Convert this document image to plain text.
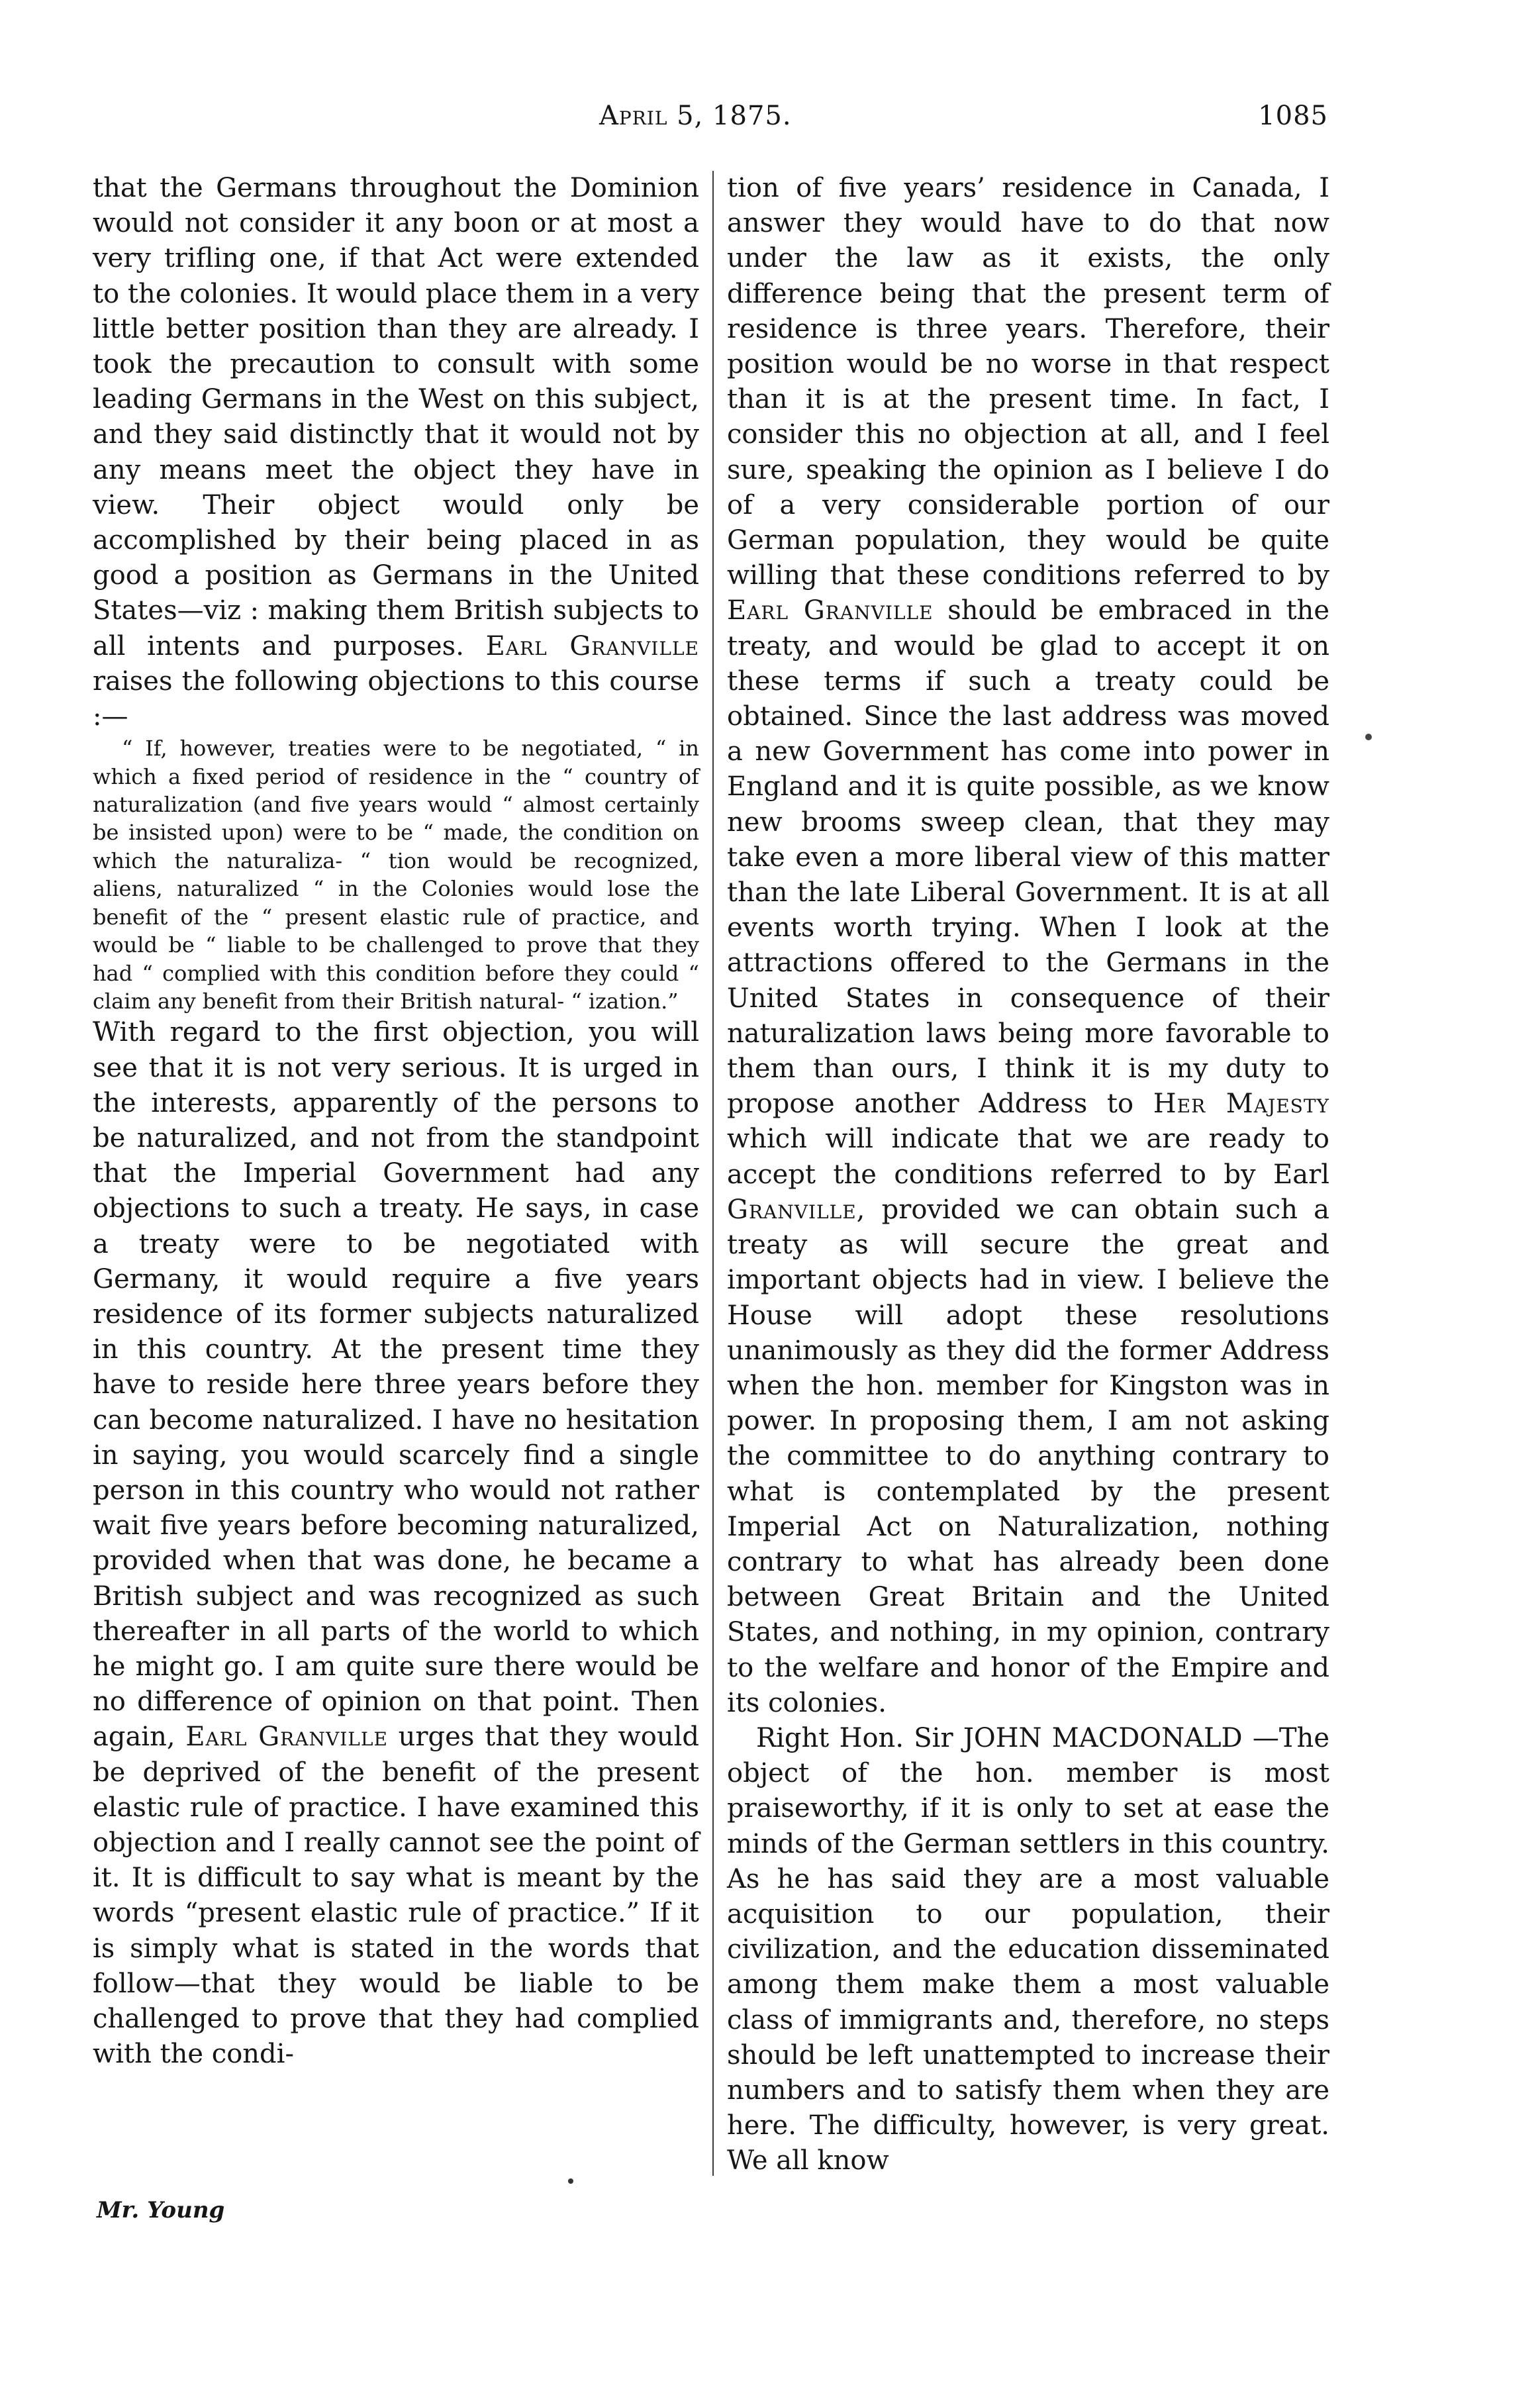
April 5, 1875.	1085

that the Germans throughout the Dominion would not consider it any boon or at most a very trifling one, if that Act were extended to the colonies. It would place them in a very little better position than they are already. I took the precaution to consult with some leading Germans in the West on this subject, and they said distinctly that it would not by any means meet the object they have in view. Their object would only be accomplished by their being placed in as good a position as Germans in the United States—viz : making them British subjects to all intents and purposes. Earl Granville raises the following objections to this course :—

“ If, however, treaties were to be negotiated, “ in which a fixed period of residence in the “ country of naturalization (and five years would “ almost certainly be insisted upon) were to be “ made, the condition on which the naturaliza- “ tion would be recognized, aliens, naturalized “ in the Colonies would lose the benefit of the “ present elastic rule of practice, and would be “ liable to be challenged to prove that they had “ complied with this condition before they could “ claim any benefit from their British natural- “ ization.”

With regard to the first objection, you will see that it is not very serious. It is urged in the interests, apparently of the persons to be naturalized, and not from the standpoint that the Imperial Government had any objections to such a treaty. He says, in case a treaty were to be negotiated with Germany, it would require a five years residence of its former subjects naturalized in this country. At the present time they have to reside here three years before they can become naturalized. I have no hesitation in saying, you would scarcely find a single person in this country who would not rather wait five years before becoming naturalized, provided when that was done, he became a British subject and was recognized as such thereafter in all parts of the world to which he might go. I am quite sure there would be no difference of opinion on that point. Then again, Earl Granville urges that they would be deprived of the benefit of the present elastic rule of practice. I have examined this objection and I really cannot see the point of it. It is difficult to say what is meant by the words “present elastic rule of practice.” If it is simply what is stated in the words that follow—that they would be liable to be challenged to prove that they had complied with the condi-

tion of five years’ residence in Canada, I answer they would have to do that now under the law as it exists, the only difference being that the present term of residence is three years. Therefore, their position would be no worse in that respect than it is at the present time. In fact, I consider this no objection at all, and I feel sure, speaking the opinion as I believe I do of a very considerable portion of our German population, they would be quite willing that these conditions referred to by Earl Granville should be embraced in the treaty, and would be glad to accept it on these terms if such a treaty could be obtained. Since the last address was moved a new Government has come into power in England and it is quite possible, as we know new brooms sweep clean, that they may take even a more liberal view of this matter than the late Liberal Government. It is at all events worth trying. When I look at the attractions offered to the Germans in the United States in consequence of their naturalization laws being more favorable to them than ours, I think it is my duty to propose another Address to Her Majesty which will indicate that we are ready to accept the conditions referred to by Earl Granville, provided we can obtain such a treaty as will secure the great and important objects had in view. I believe the House will adopt these resolutions unanimously as they did the former Address when the hon. member for Kingston was in power. In proposing them, I am not asking the committee to do anything contrary to what is contemplated by the present Imperial Act on Naturalization, nothing contrary to what has already been done between Great Britain and the United States, and nothing, in my opinion, contrary to the welfare and honor of the Empire and its colonies.

Right Hon. Sir JOHN MACDONALD —The object of the hon. member is most praiseworthy, if it is only to set at ease the minds of the German settlers in this country. As he has said they are a most valuable acquisition to our population, their civilization, and the education disseminated among them make them a most valuable class of immigrants and, therefore, no steps should be left unattempted to increase their numbers and to satisfy them when they are here. The difficulty, however, is very great. We all know

Mr. Young
